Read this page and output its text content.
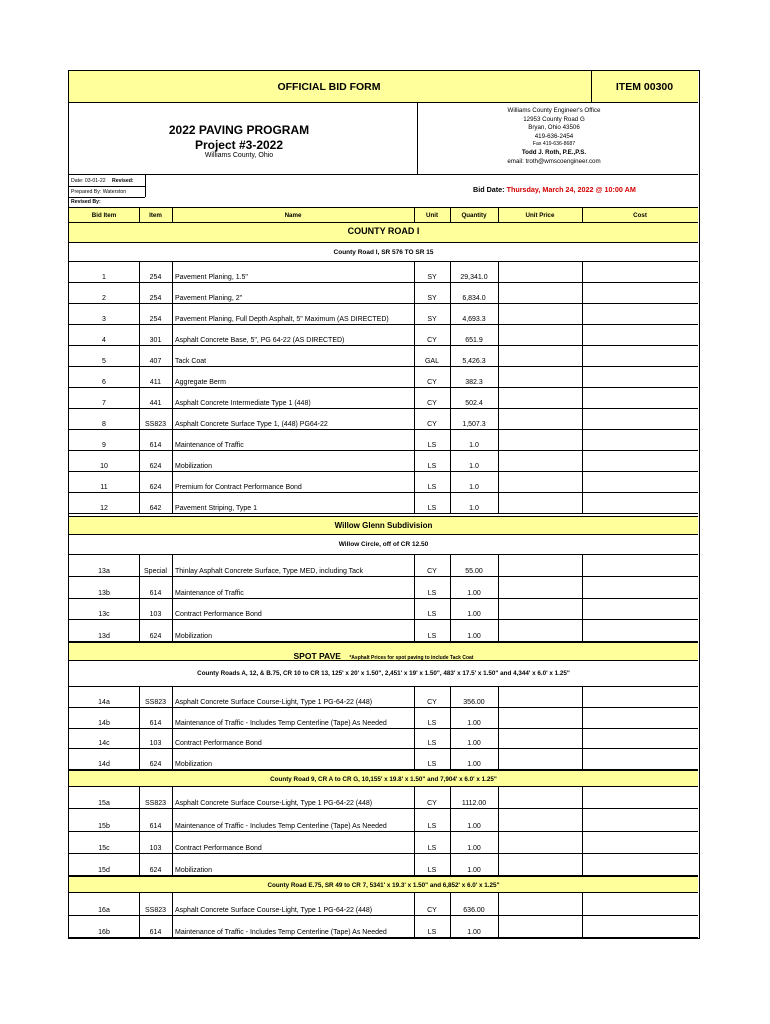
OFFICIAL BID FORM	ITEM 00300
2022 PAVING PROGRAM
Project #3-2022
Williams County, Ohio
Williams County Engineer's Office
12953 County Road G
Bryan, Ohio 43506
419-636-2454
Fax 419-636-8687
Todd J. Roth, P.E.,P.S.
email: troth@wmscoengineer.com
Date: 03-01-22 Revised:
Prepared By: Waterston
Revised By:
Bid Date: Thursday, March 24, 2022 @ 10:00 AM
Bid Item	Item	Name	Unit	Quantity	Unit Price	Cost
COUNTY ROAD I
County Road I, SR 576 TO SR 15
1	254	Pavement Planing, 1.5"	SY	29,341.0
2	254	Pavement Planing, 2"	SY	6,834.0
3	254	Pavement Planing, Full Depth Asphalt, 5" Maximum (AS DIRECTED)	SY	4,693.3
4	301	Asphalt Concrete Base, 5", PG 64-22 (AS DIRECTED)	CY	651.9
5	407	Tack Coat	GAL	5,426.3
6	411	Aggregate Berm	CY	382.3
7	441	Asphalt Concrete Intermediate Type 1 (448)	CY	502.4
8	SS823	Asphalt Concrete Surface Type 1, (448) PG64-22	CY	1,507.3
9	614	Maintenance of Traffic	LS	1.0
10	624	Mobilization	LS	1.0
11	624	Premium for Contract Performance Bond	LS	1.0
12	642	Pavement Striping, Type 1	LS	1.0
Willow Glenn Subdivision
Willow Circle, off of CR 12.50
13a	Special	Thinlay Asphalt Concrete Surface, Type MED, including Tack	CY	55.00
13b	614	Maintenance of Traffic	LS	1.00
13c	103	Contract Performance Bond	LS	1.00
13d	624	Mobilization	LS	1.00
SPOT PAVE *Asphalt Prices for spot paving to include Tack Coat
County Roads A, 12, & B.75, CR 10 to CR 13, 125' x 20' x 1.50", 2,451' x 19' x 1.50", 483' x 17.5' x 1.50" and 4,344' x 6.0' x 1.25"
14a	SS823	Asphalt Concrete Surface Course-Light, Type 1 PG-64-22 (448)	CY	356.00
14b	614	Maintenance of Traffic - Includes Temp Centerline (Tape) As Needed	LS	1.00
14c	103	Contract Performance Bond	LS	1.00
14d	624	Mobilization	LS	1.00
County Road 9, CR A to CR G, 10,155' x 19.8' x 1.50" and 7,904' x 6.0' x 1.25"
15a	SS823	Asphalt Concrete Surface Course-Light, Type 1 PG-64-22 (448)	CY	1112.00
15b	614	Maintenance of Traffic - Includes Temp Centerline (Tape) As Needed	LS	1.00
15c	103	Contract Performance Bond	LS	1.00
15d	624	Mobilization	LS	1.00
County Road E.75, SR 49 to CR 7, 5341' x 19.3' x 1.50" and 6,852' x 6.0' x 1.25"
16a	SS823	Asphalt Concrete Surface Course-Light, Type 1 PG-64-22 (448)	CY	636.00
16b	614	Maintenance of Traffic - Includes Temp Centerline (Tape) As Needed	LS	1.00
